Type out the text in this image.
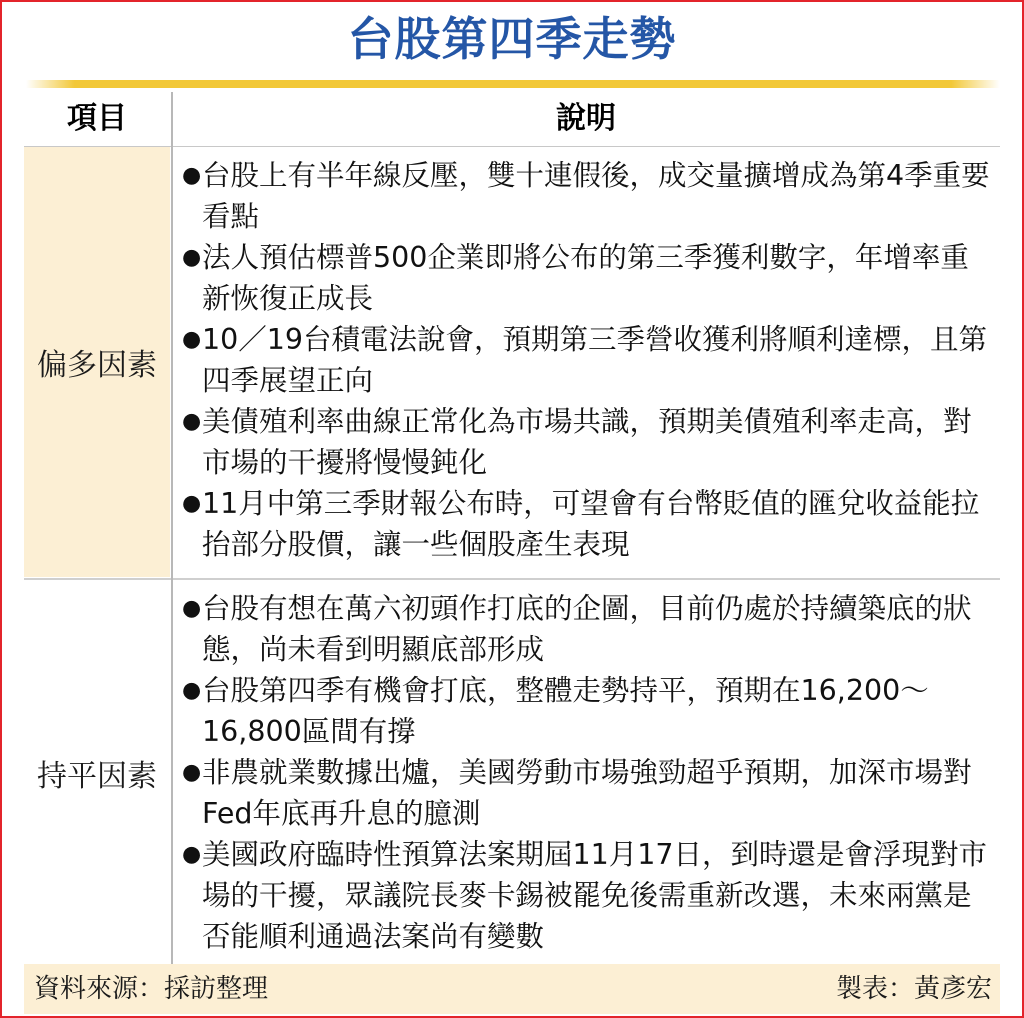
台股第四季走勢
項目	說明
偏多因素
● 台股上有半年線反壓，雙十連假後，成交量擴增成為第4季重要看點
● 法人預估標普500企業即將公布的第三季獲利數字，年增率重新恢復正成長
● 10／19台積電法說會，預期第三季營收獲利將順利達標，且第四季展望正向
● 美債殖利率曲線正常化為市場共識，預期美債殖利率走高，對市場的干擾將慢慢鈍化
● 11月中第三季財報公布時，可望會有台幣貶值的匯兌收益能拉抬部分股價，讓一些個股產生表現
持平因素
● 台股有想在萬六初頭作打底的企圖，目前仍處於持續築底的狀態，尚未看到明顯底部形成
● 台股第四季有機會打底，整體走勢持平，預期在16,200～16,800區間有撐
● 非農就業數據出爐，美國勞動市場強勁超乎預期，加深市場對Fed年底再升息的臆測
● 美國政府臨時性預算法案期屆11月17日，到時還是會浮現對市場的干擾，眾議院長麥卡錫被罷免後需重新改選，未來兩黨是否能順利通過法案尚有變數
資料來源：採訪整理	製表：黃彥宏
